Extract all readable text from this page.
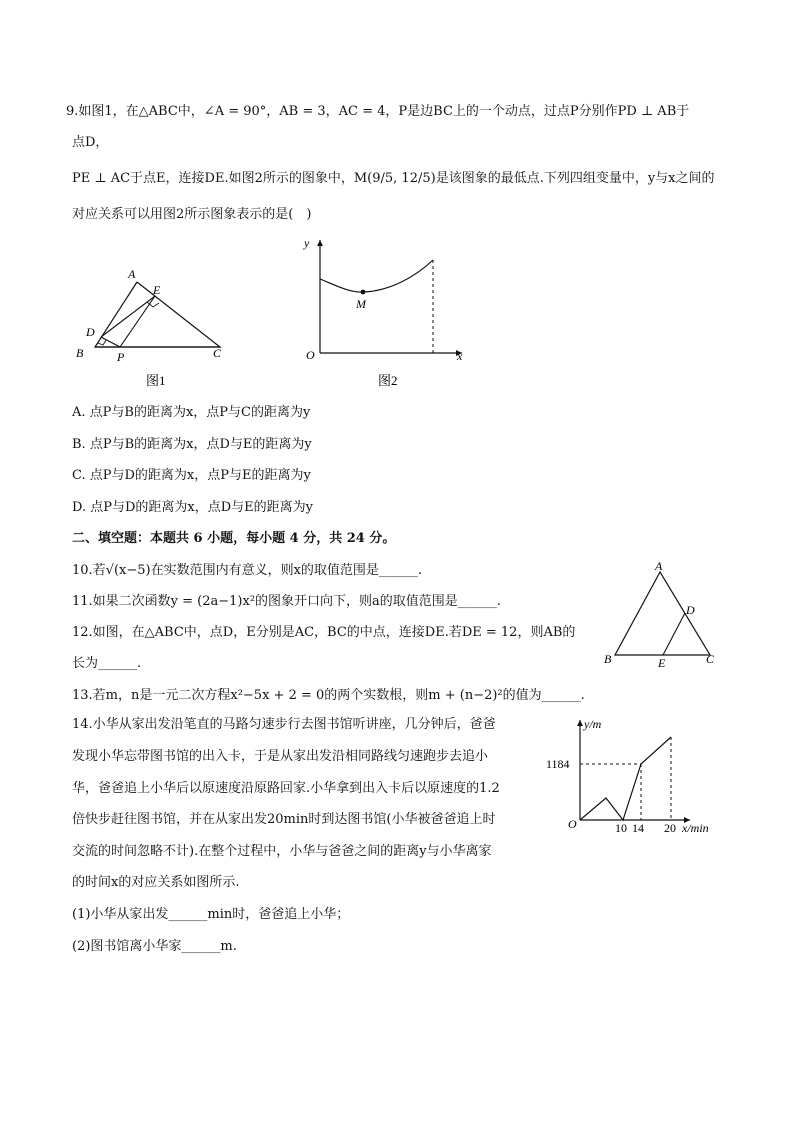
9.如图1，在△ABC中，∠A = 90°，AB = 3，AC = 4，P是边BC上的一个动点，过点P分别作PD ⊥ AB于
点D，
PE ⊥ AC于点E，连接DE.如图2所示的图象中，M(9/5, 12/5)是该图象的最低点.下列四组变量中，y与x之间的
对应关系可以用图2所示图象表示的是(　)
A
E
D
B	P	C
图1
y
M
O	x
图2
A. 点P与B的距离为x，点P与C的距离为y
B. 点P与B的距离为x，点D与E的距离为y
C. 点P与D的距离为x，点P与E的距离为y
D. 点P与D的距离为x，点D与E的距离为y
二、填空题：本题共 6 小题，每小题 4 分，共 24 分。
10.若√(x−5)在实数范围内有意义，则x的取值范围是______.
11.如果二次函数y = (2a−1)x²的图象开口向下，则a的取值范围是______.
12.如图，在△ABC中，点D，E分别是AC，BC的中点，连接DE.若DE = 12，则AB的
长为______.
A
D
B	E	C
13.若m，n是一元二次方程x²−5x + 2 = 0的两个实数根，则m + (n−2)²的值为______.
14.小华从家出发沿笔直的马路匀速步行去图书馆听讲座，几分钟后，爸爸
发现小华忘带图书馆的出入卡，于是从家出发沿相同路线匀速跑步去追小
华，爸爸追上小华后以原速度沿原路回家.小华拿到出入卡后以原速度的1.2
倍快步赶往图书馆，并在从家出发20min时到达图书馆(小华被爸爸追上时
交流的时间忽略不计).在整个过程中，小华与爸爸之间的距离y与小华离家
的时间x的对应关系如图所示.
(1)小华从家出发______min时，爸爸追上小华；
(2)图书馆离小华家______m.
y/m
1184
O	10 14 20 x/min
